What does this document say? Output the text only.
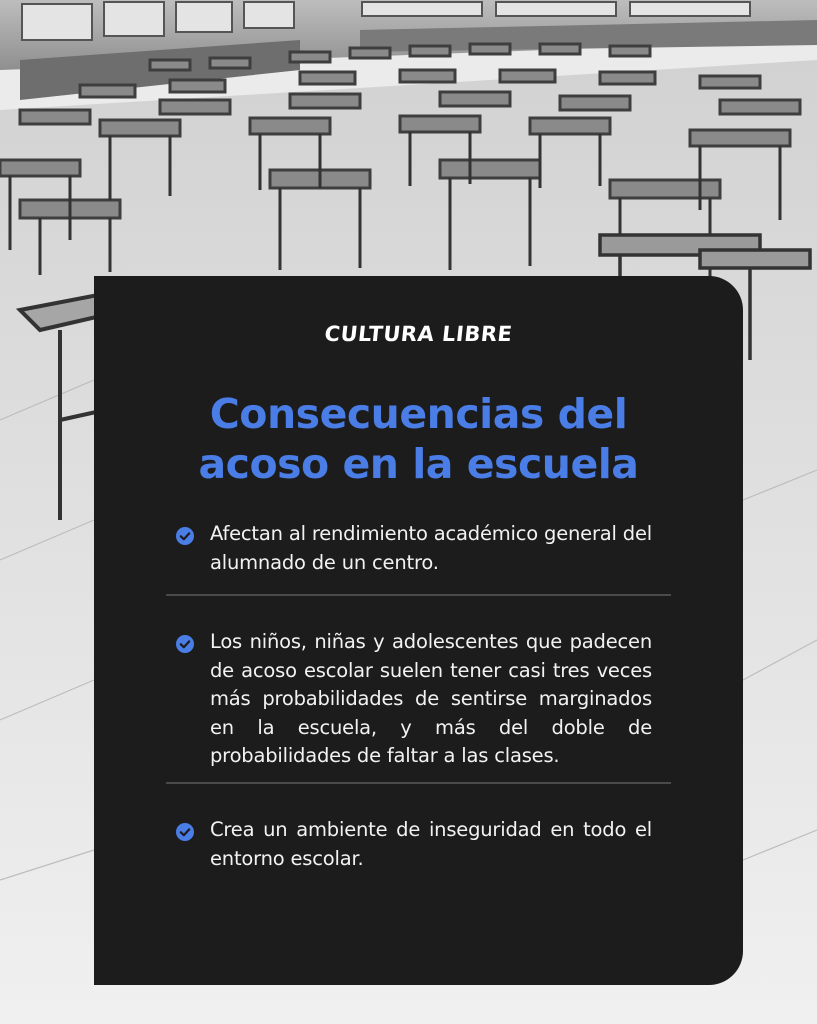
CULTURA LIBRE
Consecuencias del
acoso en la escuela
Afectan al rendimiento académico general del alumnado de un centro.
Los niños, niñas y adolescentes que padecen de acoso escolar suelen tener casi tres veces más probabilidades de sentirse marginados en la escuela, y más del doble de probabilidades de faltar a las clases.
Crea un ambiente de inseguridad en todo el entorno escolar.
